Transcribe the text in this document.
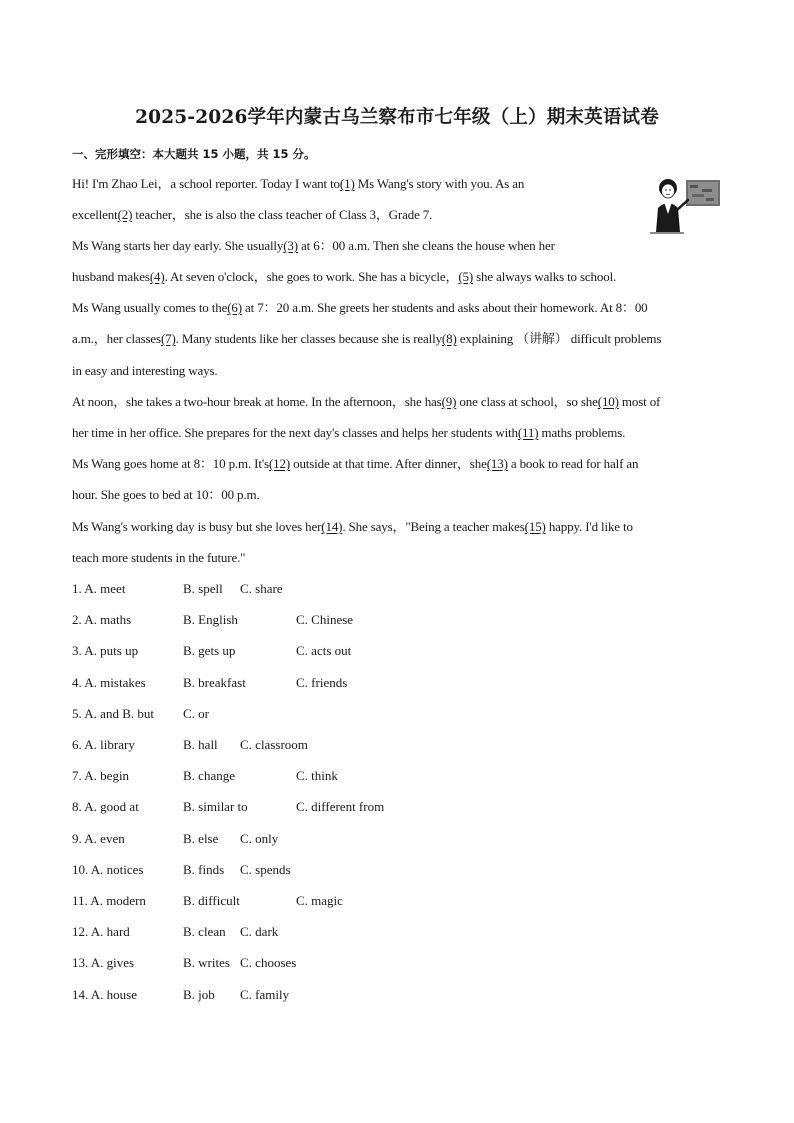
2025-2026学年内蒙古乌兰察布市七年级（上）期末英语试卷
一、完形填空：本大题共 15 小题，共 15 分。
Hi! I'm Zhao Lei，a school reporter. Today I want to(1) Ms Wang's story with you. As an
excellent(2) teacher，she is also the class teacher of Class 3，Grade 7.
Ms Wang starts her day early. She usually(3) at 6：00 a.m. Then she cleans the house when her
husband makes(4). At seven o'clock，she goes to work. She has a bicycle，(5) she always walks to school.
Ms Wang usually comes to the(6) at 7：20 a.m. She greets her students and asks about their homework. At 8：00
a.m.，her classes(7). Many students like her classes because she is really(8) explaining （讲解） difficult problems
in easy and interesting ways.
At noon，she takes a two-hour break at home. In the afternoon，she has(9) one class at school，so she(10) most of
her time in her office. She prepares for the next day's classes and helps her students with(11) maths problems.
Ms Wang goes home at 8：10 p.m. It's(12) outside at that time. After dinner，she(13) a book to read for half an
hour. She goes to bed at 10：00 p.m.
Ms Wang's working day is busy but she loves her(14). She says，"Being a teacher makes(15) happy. I'd like to
teach more students in the future."
1. A. meet	B. spell C. share
2. A. maths	B. English	C. Chinese
3. A. puts up	B. gets up	C. acts out
4. A. mistakes	B. breakfast	C. friends
5. A. and B. but C. or
6. A. library	B. hall C. classroom
7. A. begin	B. change	C. think
8. A. good at	B. similar to	C. different from
9. A. even	B. else C. only
10. A. notices	B. finds C. spends
11. A. modern	B. difficult	C. magic
12. A. hard	B. clean C. dark
13. A. gives	B. writes C. chooses
14. A. house	B. job C. family
